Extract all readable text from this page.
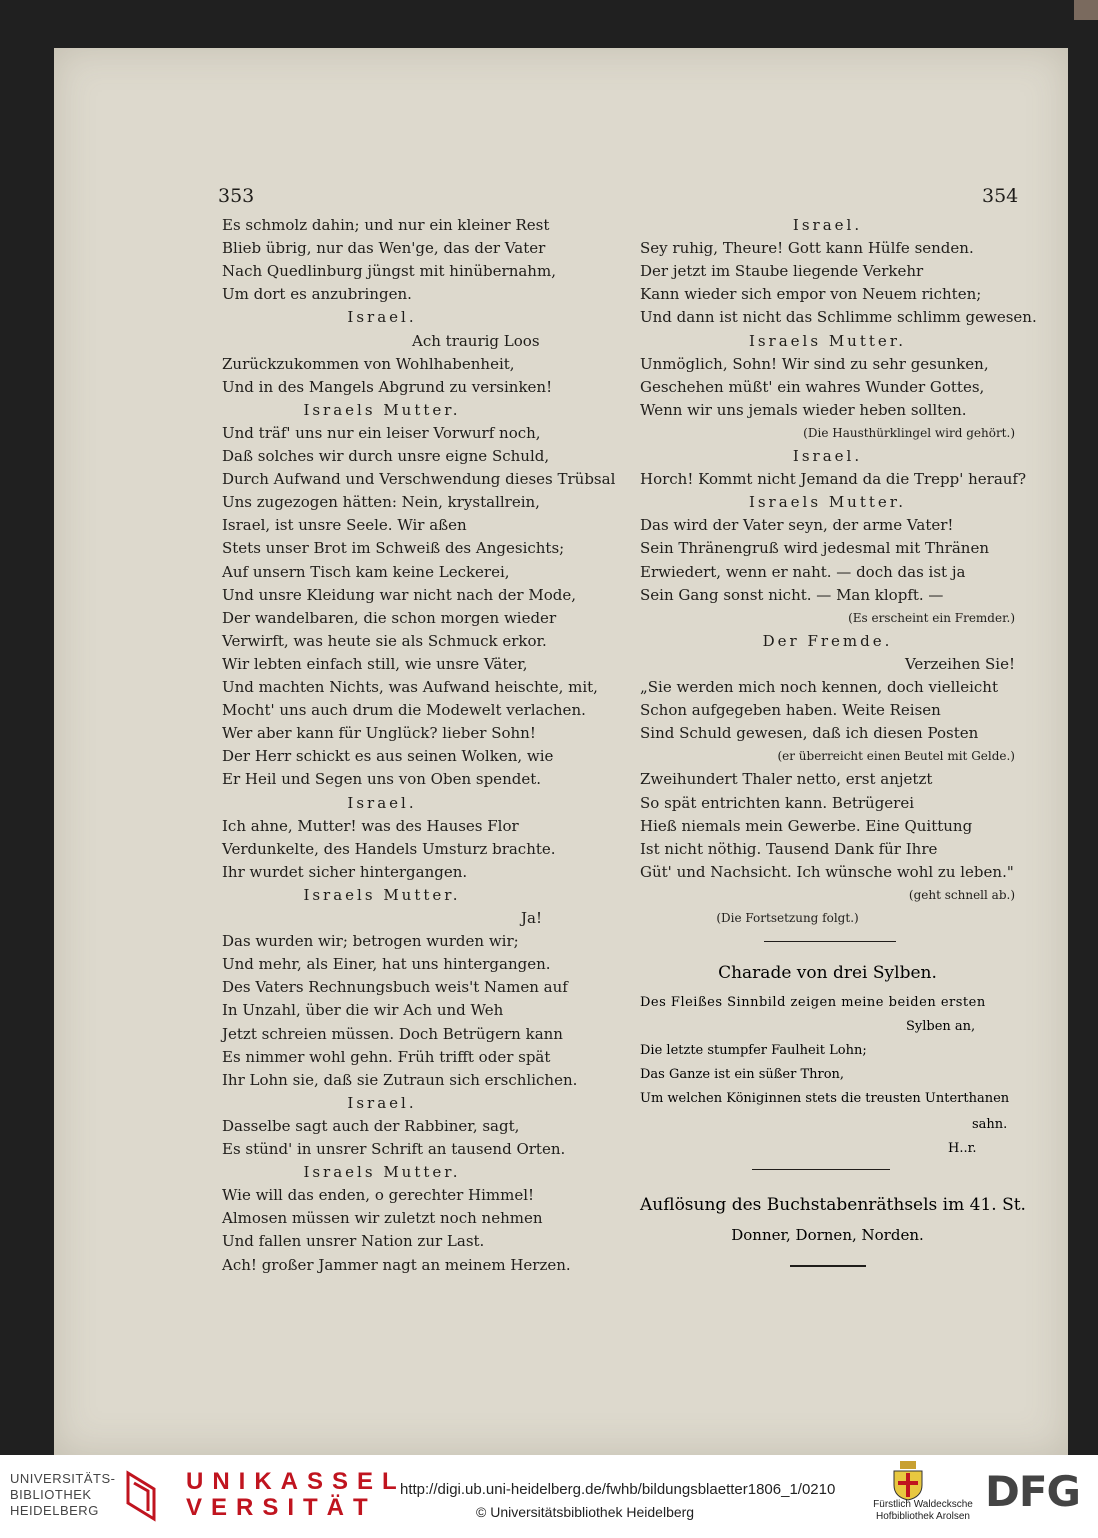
353	354
Es schmolz dahin; und nur ein kleiner Rest
Blieb übrig, nur das Wen'ge, das der Vater
Nach Quedlinburg jüngst mit hinübernahm,
Um dort es anzubringen.
Israel.
Ach traurig Loos
Zurückzukommen von Wohlhabenheit,
Und in des Mangels Abgrund zu versinken!
Israels Mutter.
Und träf' uns nur ein leiser Vorwurf noch,
Daß solches wir durch unsre eigne Schuld,
Durch Aufwand und Verschwendung dieses Trübsal
Uns zugezogen hätten: Nein, krystallrein,
Israel, ist unsre Seele. Wir aßen
Stets unser Brot im Schweiß des Angesichts;
Auf unsern Tisch kam keine Leckerei,
Und unsre Kleidung war nicht nach der Mode,
Der wandelbaren, die schon morgen wieder
Verwirft, was heute sie als Schmuck erkor.
Wir lebten einfach still, wie unsre Väter,
Und machten Nichts, was Aufwand heischte, mit,
Mocht' uns auch drum die Modewelt verlachen.
Wer aber kann für Unglück? lieber Sohn!
Der Herr schickt es aus seinen Wolken, wie
Er Heil und Segen uns von Oben spendet.
Israel.
Ich ahne, Mutter! was des Hauses Flor
Verdunkelte, des Handels Umsturz brachte.
Ihr wurdet sicher hintergangen.
Israels Mutter.
Ja!
Das wurden wir; betrogen wurden wir;
Und mehr, als Einer, hat uns hintergangen.
Des Vaters Rechnungsbuch weis't Namen auf
In Unzahl, über die wir Ach und Weh
Jetzt schreien müssen. Doch Betrügern kann
Es nimmer wohl gehn. Früh trifft oder spät
Ihr Lohn sie, daß sie Zutraun sich erschlichen.
Israel.
Dasselbe sagt auch der Rabbiner, sagt,
Es stünd' in unsrer Schrift an tausend Orten.
Israels Mutter.
Wie will das enden, o gerechter Himmel!
Almosen müssen wir zuletzt noch nehmen
Und fallen unsrer Nation zur Last.
Ach! großer Jammer nagt an meinem Herzen.
Israel.
Sey ruhig, Theure! Gott kann Hülfe senden.
Der jetzt im Staube liegende Verkehr
Kann wieder sich empor von Neuem richten;
Und dann ist nicht das Schlimme schlimm gewesen.
Israels Mutter.
Unmöglich, Sohn! Wir sind zu sehr gesunken,
Geschehen müßt' ein wahres Wunder Gottes,
Wenn wir uns jemals wieder heben sollten.
(Die Hausthürklingel wird gehört.)
Israel.
Horch! Kommt nicht Jemand da die Trepp' herauf?
Israels Mutter.
Das wird der Vater seyn, der arme Vater!
Sein Thränengruß wird jedesmal mit Thränen
Erwiedert, wenn er naht. — doch das ist ja
Sein Gang sonst nicht. — Man klopft. —
(Es erscheint ein Fremder.)
Der Fremde.
Verzeihen Sie!
„Sie werden mich noch kennen, doch vielleicht
Schon aufgegeben haben. Weite Reisen
Sind Schuld gewesen, daß ich diesen Posten
(er überreicht einen Beutel mit Gelde.)
Zweihundert Thaler netto, erst anjetzt
So spät entrichten kann. Betrügerei
Hieß niemals mein Gewerbe. Eine Quittung
Ist nicht nöthig. Tausend Dank für Ihre
Güt' und Nachsicht. Ich wünsche wohl zu leben."
(geht schnell ab.)
(Die Fortsetzung folgt.)
Charade von drei Sylben.
Des Fleißes Sinnbild zeigen meine beiden ersten
Sylben an,
Die letzte stumpfer Faulheit Lohn;
Das Ganze ist ein süßer Thron,
Um welchen Königinnen stets die treusten Unterthanen
sahn.
H..r.
Auflösung des Buchstabenräthsels im 41. St.
Donner, Dornen, Norden.
UNIVERSITÄTS-
BIBLIOTHEK
HEIDELBERG
UNIKASSEL
VERSITÄT
http://digi.ub.uni-heidelberg.de/fwhb/bildungsblaetter1806_1/0210
© Universitätsbibliothek Heidelberg	Fürstlich Waldecksche
Hofbibliothek Arolsen
DFG
